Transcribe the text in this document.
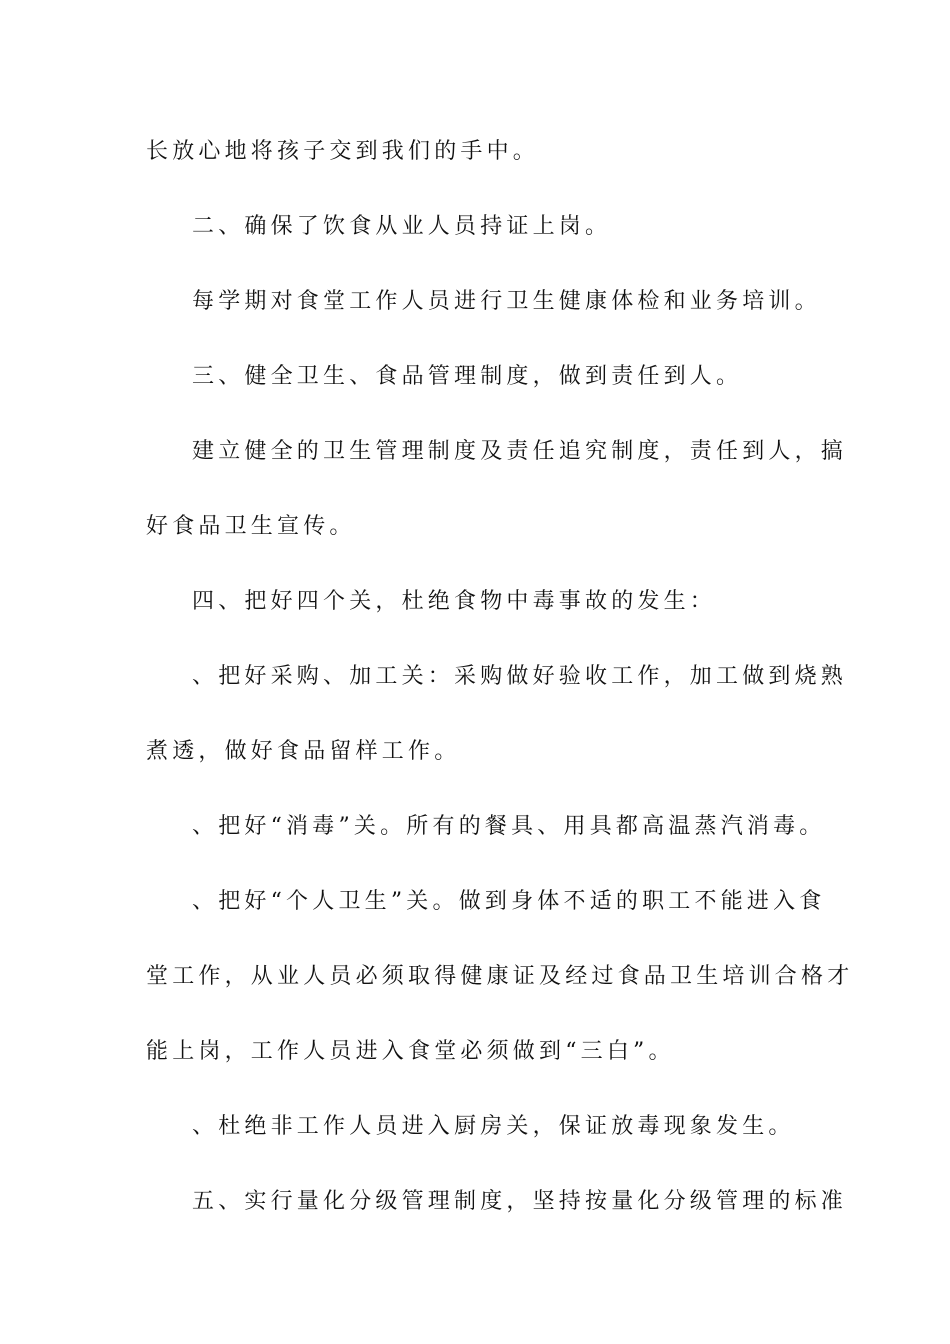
长放心地将孩子交到我们的手中。
二、确保了饮食从业人员持证上岗。
每学期对食堂工作人员进行卫生健康体检和业务培训。
三、健全卫生、食品管理制度，做到责任到人。
建立健全的卫生管理制度及责任追究制度，责任到人，搞
好食品卫生宣传。
四、把好四个关，杜绝食物中毒事故的发生：
、把好采购、加工关：采购做好验收工作，加工做到烧熟
煮透，做好食品留样工作。
、把好“消毒”关。所有的餐具、用具都高温蒸汽消毒。
、把好“个人卫生”关。做到身体不适的职工不能进入食
堂工作，从业人员必须取得健康证及经过食品卫生培训合格才
能上岗，工作人员进入食堂必须做到“三白”。
、杜绝非工作人员进入厨房关，保证放毒现象发生。
五、实行量化分级管理制度，坚持按量化分级管理的标准
